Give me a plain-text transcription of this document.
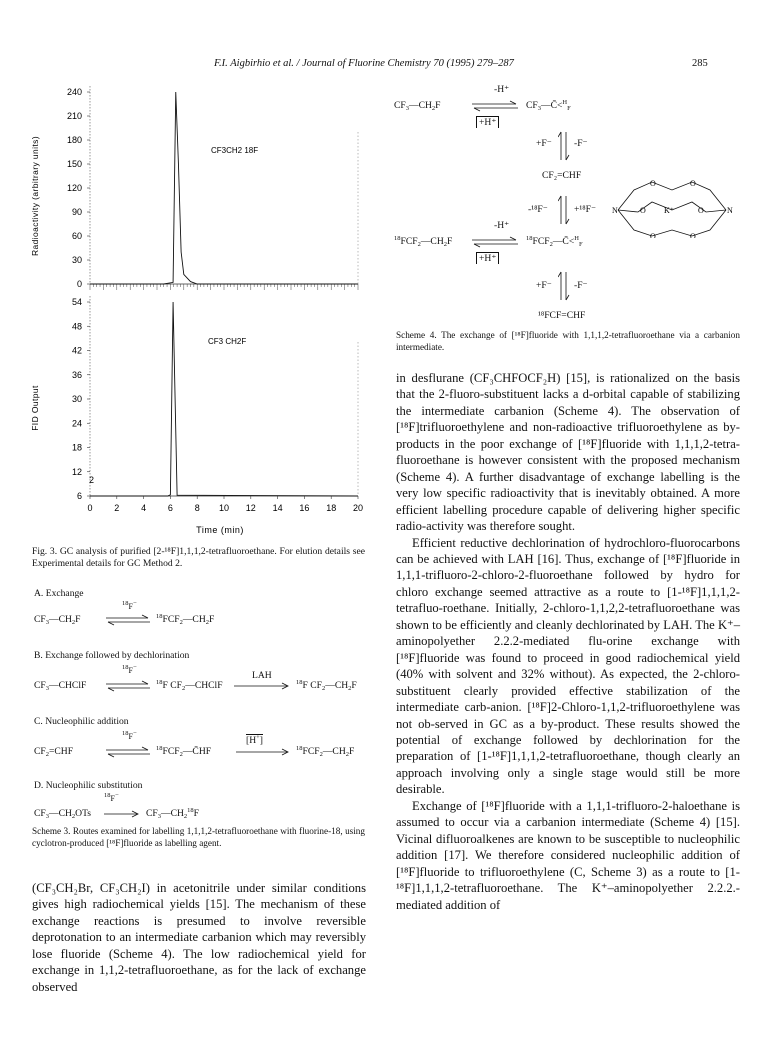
F.I. Aigbirhio et al. / Journal of Fluorine Chemistry 70 (1995) 279–287	285
0
30
60
90
120
150
180
210
240
6
12
18
24
30
36
42
48
54
0 2 4 6 8 10 12 14 16 18 20
Radioactivity (arbitrary units)
FID Output
Time (min)
CF3CH2 18F
CF3 CH2F
2
Fig. 3. GC analysis of purified [2-¹⁸F]1,1,1,2-tetrafluoroethane. For elution details see Experimental details for GC Method 2.
A. Exchange
$^{18}$F−
$CF_3—CH_2F$	$^{18}FCF_2—CH_2F$
B. Exchange followed by dechlorination
$^{18}$F−
$CF_3—CHClF$	$^{18}$F $CF_2—CHClF$
LAH
$^{18}$F $CF_2—CH_2F$
C. Nucleophilic addition
$^{18}$F−
$CF_2=CHF$	$^{18}FCF_2—C̄HF$
[H+]
$^{18}FCF_2—CH_2F$
D. Nucleophilic substitution
$^{18}$F−
$CF_3—CH_2OTs$	$CF_3—CH_2^{18}F$
Scheme 3. Routes examined for labelling 1,1,1,2-tetrafluoroethane with fluorine-18, using cyclotron-produced [¹⁸F]fluoride as labelling agent.
(CF₃CH₂Br, CF₃CH₂I) in acetonitrile under similar conditions gives high radiochemical yields [15]. The mechanism of these exchange reactions is presumed to involve reversible deprotonation to an intermediate carbanion which may reversibly lose fluoride (Scheme 4). The low radiochemical yield for exchange in 1,1,2-tetrafluoroethane, as for the lack of exchange observed
-H⁺
$CF_3—CH_2F$
+H⁺
$CF_3—C̄<^H_F$
+F⁻ -F⁻
CF₂=CHF
-¹⁸F⁻	+¹⁸F⁻ N	N
O	O
O	O
O	O
K⁺
-H⁺
$^{18}FCF_2—CH_2F$
+H⁺
$^{18}FCF_2—C̄<^H_F$
+F⁻ -F⁻
¹⁸FCF=CHF
Scheme 4. The exchange of [¹⁸F]fluoride with 1,1,1,2-tetrafluoroethane via a carbanion intermediate.

in desflurane (CF₃CHFOCF₂H) [15], is rationalized on the basis that the 2-fluoro-substituent lacks a d-orbital capable of stabilizing the intermediate carbanion (Scheme 4). The observation of [¹⁸F]trifluoroethylene and non-radioactive trifluoroethylene as by-products in the poor exchange of [¹⁸F]fluoride with 1,1,1,2-tetra-fluoroethane is however consistent with the proposed mechanism (Scheme 4). A further disadvantage of exchange labelling is the very low specific radioactivity that is inevitably obtained. A more efficient labelling procedure capable of delivering higher specific radio-activity was therefore sought.

Efficient reductive dechlorination of hydrochloro-fluorocarbons can be achieved with LAH [16]. Thus, exchange of [¹⁸F]fluoride in 1,1,1-trifluoro-2-chloro-2-fluoroethane followed by hydro for chloro exchange seemed attractive as a route to [1-¹⁸F]1,1,1,2-tetrafluo-roethane. Initially, 2-chloro-1,1,2,2-tetrafluoroethane was shown to be efficiently and cleanly dechlorinated by LAH. The K⁺–aminopolyether 2.2.2-mediated flu-orine exchange with [¹⁸F]fluoride was found to proceed in good radiochemical yield (40% with solvent and 32% without). As expected, the 2-chloro-substituent clearly provided effective stabilization of the intermediate carb-anion. [¹⁸F]2-Chloro-1,1,2-trifluoroethylene was not ob-served in GC as a by-product. These results showed the potential of exchange followed by dechlorination for the preparation of [1-¹⁸F]1,1,1,2-tetrafluoroethane, though clearly an approach involving only a single stage would still be more desirable.

Exchange of [¹⁸F]fluoride with a 1,1,1-trifluoro-2-haloethane is assumed to occur via a carbanion intermediate (Scheme 4) [15]. Vicinal difluoroalkenes are known to be susceptible to nucleophilic addition [17]. We therefore considered nucleophilic addition of [¹⁸F]fluoride to trifluoroethylene (C, Scheme 3) as a route to [1-¹⁸F]1,1,1,2-tetrafluoroethane. The K⁺–aminopolyether 2.2.2.-mediated addition of
